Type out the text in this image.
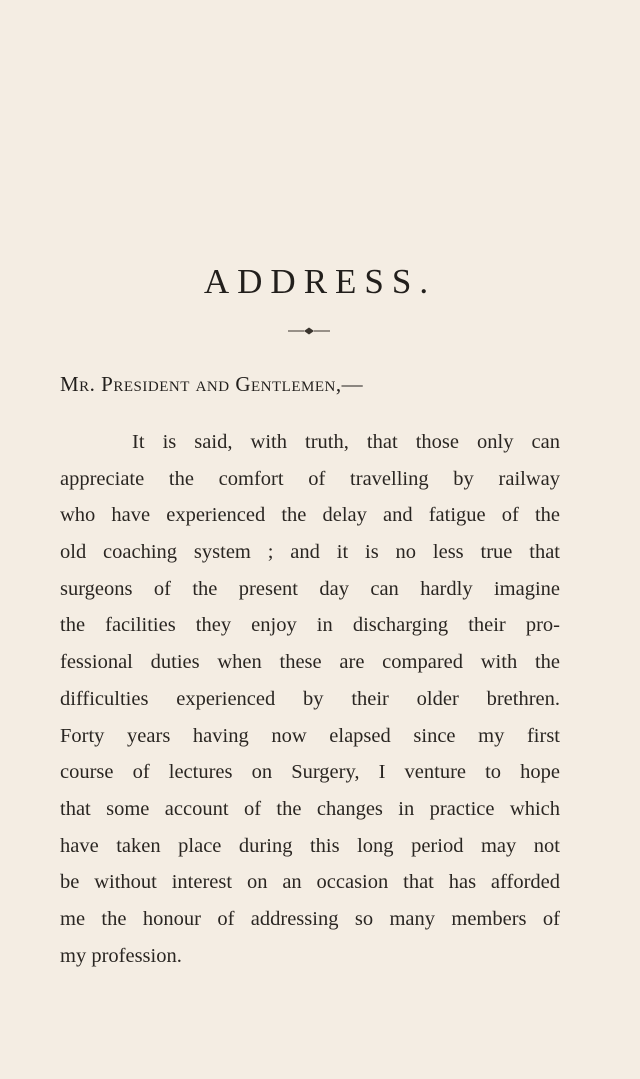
ADDRESS.
Mr. President and Gentlemen,—
It is said, with truth, that those only can
appreciate the comfort of travelling by railway
who have experienced the delay and fatigue of the
old coaching system ; and it is no less true that
surgeons of the present day can hardly imagine
the facilities they enjoy in discharging their pro-
fessional duties when these are compared with the
difficulties experienced by their older brethren.
Forty years having now elapsed since my first
course of lectures on Surgery, I venture to hope
that some account of the changes in practice which
have taken place during this long period may not
be without interest on an occasion that has afforded
me the honour of addressing so many members of
my profession.
